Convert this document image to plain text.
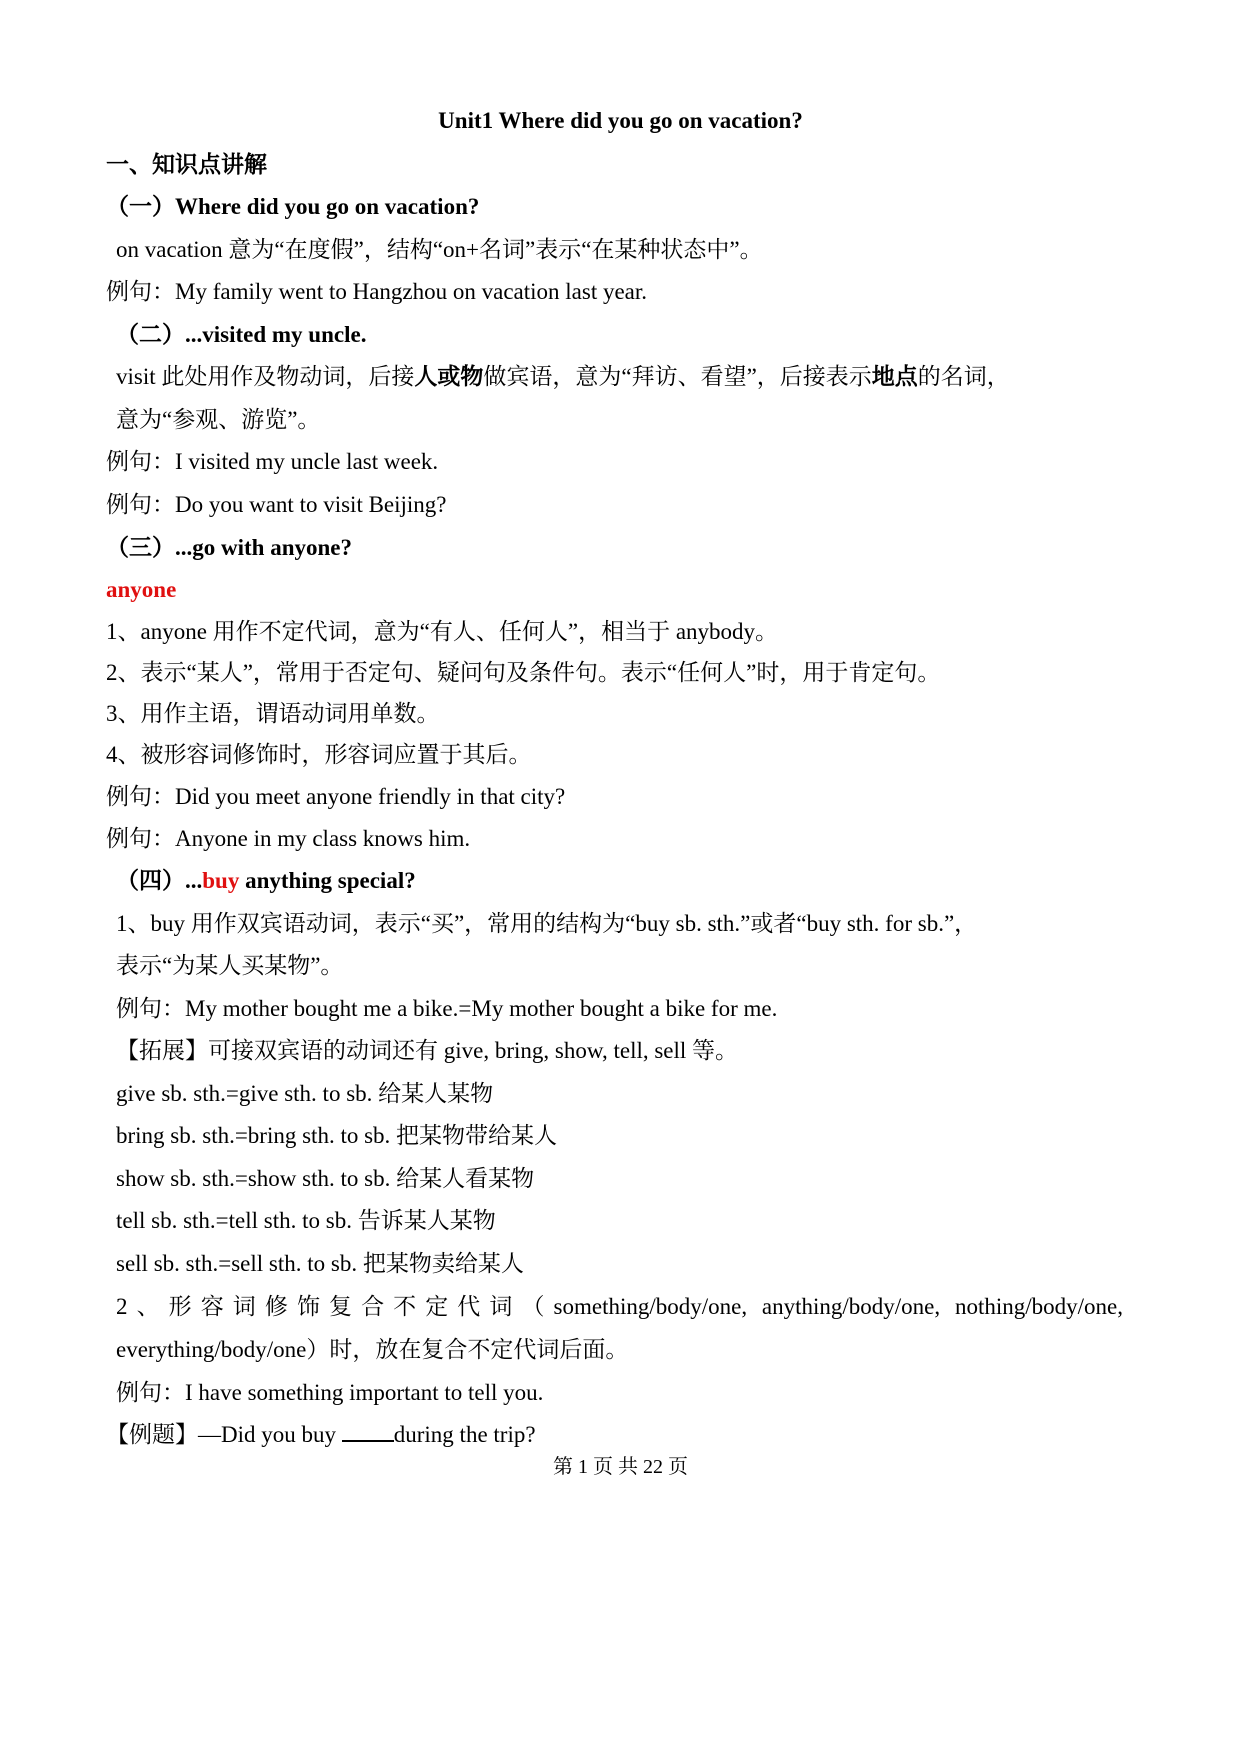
Unit1 Where did you go on vacation?
一、知识点讲解
（一）Where did you go on vacation?
on vacation 意为“在度假”，结构“on+名词”表示“在某种状态中”。
例句：My family went to Hangzhou on vacation last year.
（二）...visited my uncle.
visit 此处用作及物动词，后接人或物做宾语，意为“拜访、看望”，后接表示地点的名词，
意为“参观、游览”。
例句：I visited my uncle last week.
例句：Do you want to visit Beijing?
（三）...go with anyone?
anyone
1、anyone 用作不定代词，意为“有人、任何人”，相当于 anybody。
2、表示“某人”，常用于否定句、疑问句及条件句。表示“任何人”时，用于肯定句。
3、用作主语，谓语动词用单数。
4、被形容词修饰时，形容词应置于其后。
例句：Did you meet anyone friendly in that city?
例句：Anyone in my class knows him.
（四）...buy anything special?
1、buy 用作双宾语动词，表示“买”，常用的结构为“buy sb. sth.”或者“buy sth. for sb.”，
表示“为某人买某物”。
例句：My mother bought me a bike.=My mother bought a bike for me.
【拓展】可接双宾语的动词还有 give, bring, show, tell, sell 等。
give sb. sth.=give sth. to sb. 给某人某物
bring sb. sth.=bring sth. to sb. 把某物带给某人
show sb. sth.=show sth. to sb. 给某人看某物
tell sb. sth.=tell sth. to sb. 告诉某人某物
sell sb. sth.=sell sth. to sb. 把某物卖给某人
2、形容词修饰复合不定代词（something/body/one, anything/body/one, nothing/body/one,
everything/body/one）时，放在复合不定代词后面。
例句：I have something important to tell you.
【例题】—Did you buy during the trip?
第 1 页 共 22 页
